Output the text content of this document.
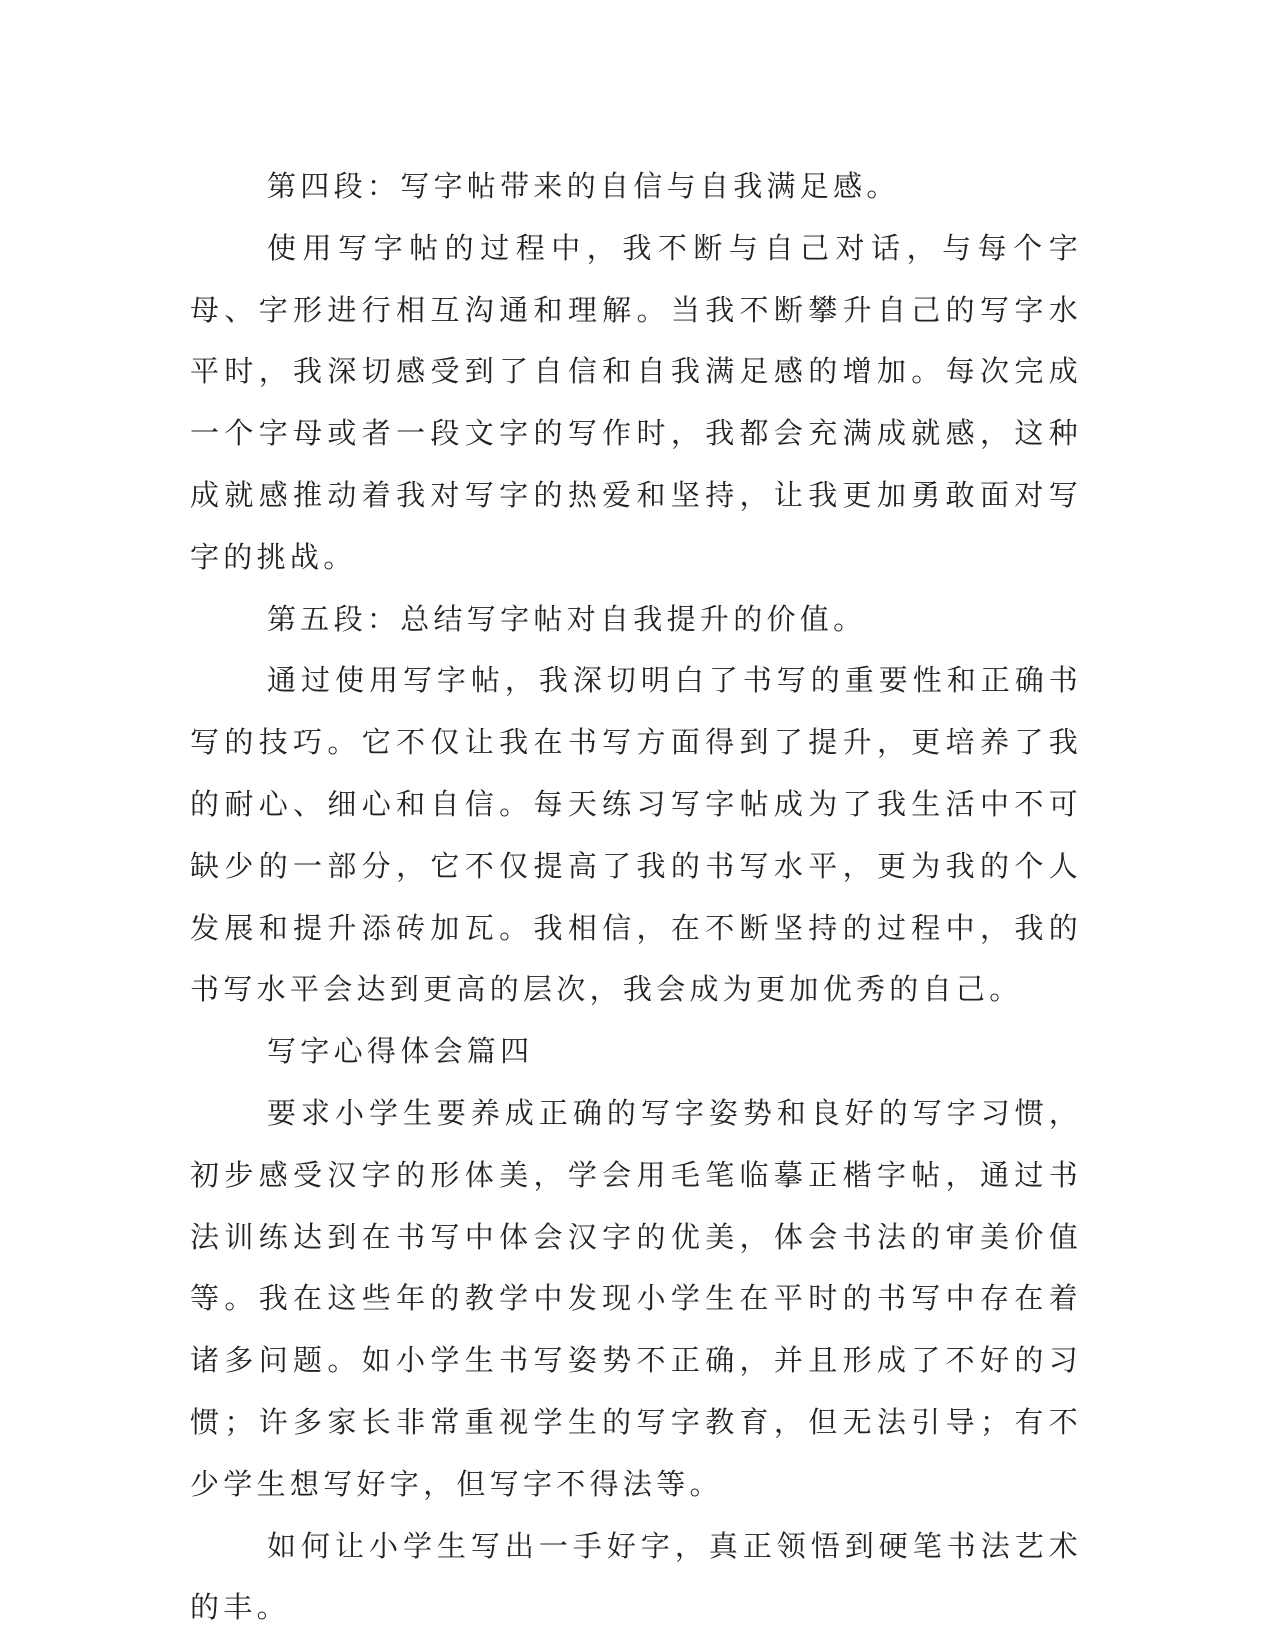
第四段：写字帖带来的自信与自我满足感。

使用写字帖的过程中，我不断与自己对话，与每个字母、字形进行相互沟通和理解。当我不断攀升自己的写字水平时，我深切感受到了自信和自我满足感的增加。每次完成一个字母或者一段文字的写作时，我都会充满成就感，这种成就感推动着我对写字的热爱和坚持，让我更加勇敢面对写字的挑战。

第五段：总结写字帖对自我提升的价值。

通过使用写字帖，我深切明白了书写的重要性和正确书写的技巧。它不仅让我在书写方面得到了提升，更培养了我的耐心、细心和自信。每天练习写字帖成为了我生活中不可缺少的一部分，它不仅提高了我的书写水平，更为我的个人发展和提升添砖加瓦。我相信，在不断坚持的过程中，我的书写水平会达到更高的层次，我会成为更加优秀的自己。

写字心得体会篇四

要求小学生要养成正确的写字姿势和良好的写字习惯，初步感受汉字的形体美，学会用毛笔临摹正楷字帖，通过书法训练达到在书写中体会汉字的优美，体会书法的审美价值等。我在这些年的教学中发现小学生在平时的书写中存在着诸多问题。如小学生书写姿势不正确，并且形成了不好的习惯；许多家长非常重视学生的写字教育，但无法引导；有不少学生想写好字，但写字不得法等。

如何让小学生写出一手好字，真正领悟到硬笔书法艺术的丰。
